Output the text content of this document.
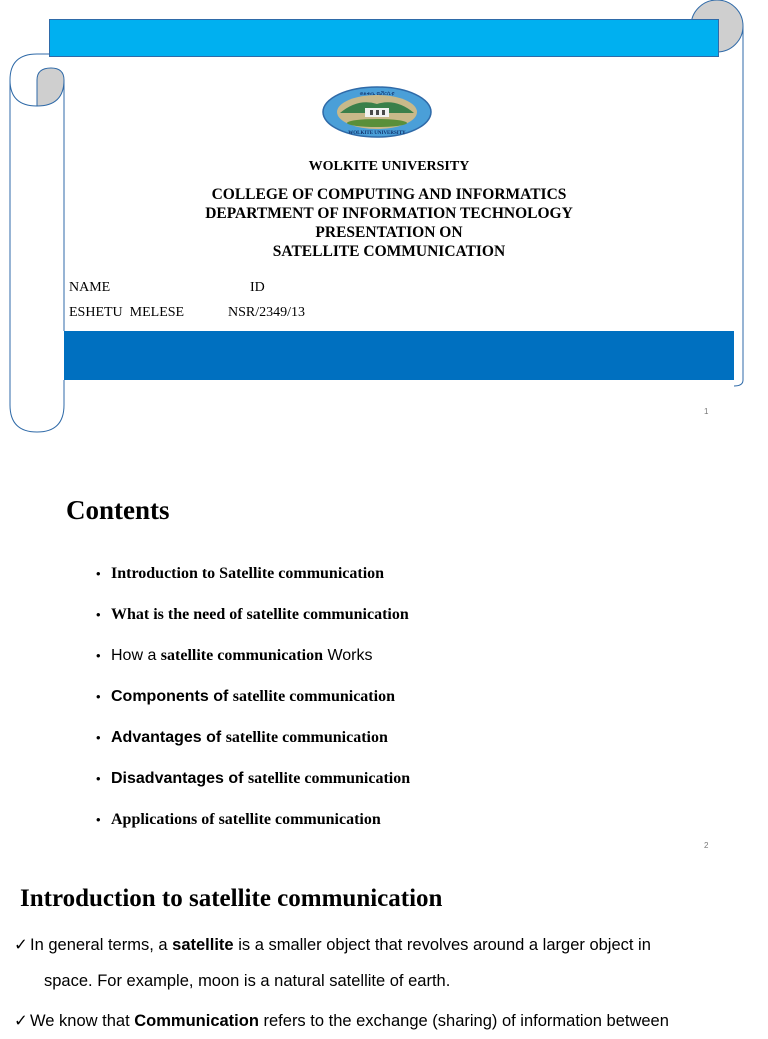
ወልቂጤ ዩኒቨርሲቲ
WOLKITE UNIVERSITY
WOLKITE UNIVERSITY
COLLEGE OF COMPUTING AND INFORMATICS
DEPARTMENT OF INFORMATION TECHNOLOGY
PRESENTATION ON
SATELLITE COMMUNICATION
NAME	ID
ESHETU  MELESE	NSR/2349/13
1
Contents
• Introduction to Satellite communication
• What is the need of satellite communication
• How a satellite communication Works
• Components of satellite communication
• Advantages of satellite communication
• Disadvantages of satellite communication
• Applications of satellite communication
2
Introduction to satellite communication
✓ In general terms, a satellite is a smaller object that revolves around a larger object in
space. For example, moon is a natural satellite of earth.
✓ We know that Communication refers to the exchange (sharing) of information between
